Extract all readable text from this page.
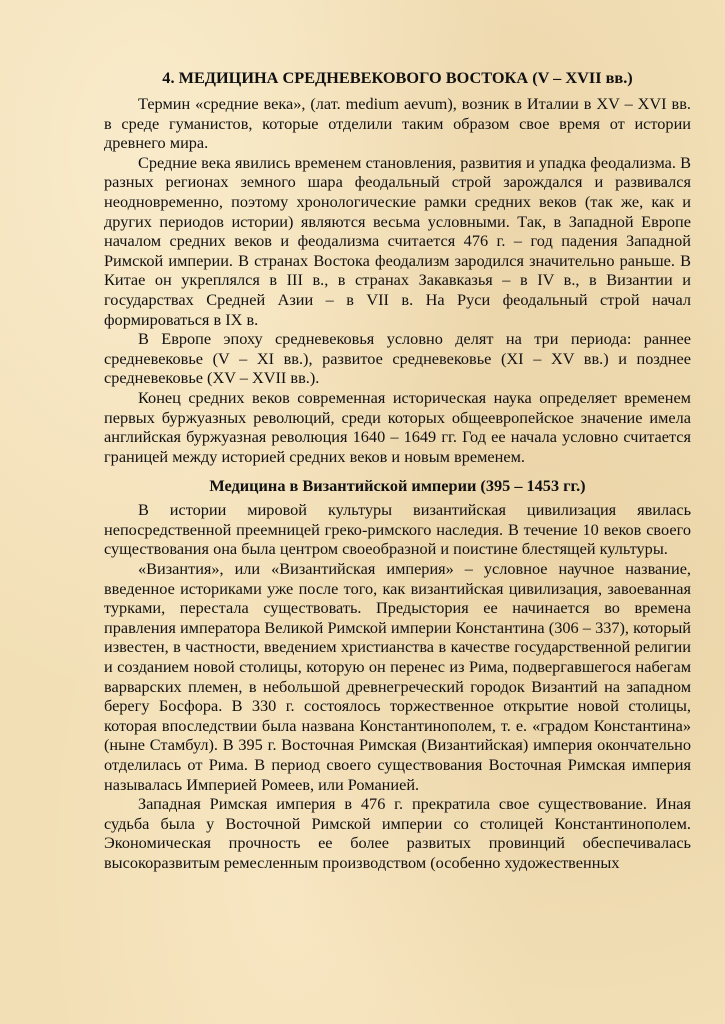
4. МЕДИЦИНА СРЕДНЕВЕКОВОГО ВОСТОКА (V – XVII вв.)

Термин «средние века», (лат. medium aevum), возник в Италии в XV – XVI вв. в среде гуманистов, которые отделили таким образом свое время от истории древнего мира.

Средние века явились временем становления, развития и упадка феодализма. В разных регионах земного шара феодальный строй зарождался и развивался неодновременно, поэтому хронологические рамки средних веков (так же, как и других периодов истории) являются весьма условными. Так, в Западной Европе началом средних веков и феодализма считается 476 г. – год падения Западной Римской империи. В странах Востока феодализм зародился значительно раньше. В Китае он укреплялся в III в., в странах Закавказья – в IV в., в Византии и государствах Средней Азии – в VII в. На Руси феодальный строй начал формироваться в IX в.

В Европе эпоху средневековья условно делят на три периода: раннее средневековье (V – XI вв.), развитое средневековье (XI – XV вв.) и позднее средневековье (XV – XVII вв.).

Конец средних веков современная историческая наука определяет временем первых буржуазных революций, среди которых общеевропейское значение имела английская буржуазная революция 1640 – 1649 гг. Год ее начала условно считается границей между историей средних веков и новым временем.

Медицина в Византийской империи (395 – 1453 гг.)

В истории мировой культуры византийская цивилизация явилась непосредственной преемницей греко-римского наследия. В течение 10 веков своего существования она была центром своеобразной и поистине блестящей культуры.

«Византия», или «Византийская империя» – условное научное название, введенное историками уже после того, как византийская цивилизация, завоеванная турками, перестала существовать. Предыстория ее начинается во времена правления императора Великой Римской империи Константина (306 – 337), который известен, в частности, введением христианства в качестве государственной религии и созданием новой столицы, которую он перенес из Рима, подвергавшегося набегам варварских племен, в небольшой древнегреческий городок Византий на западном берегу Босфора. В 330 г. состоялось торжественное открытие новой столицы, которая впоследствии была названа Константинополем, т. е. «градом Константина» (ныне Стамбул). В 395 г. Восточная Римская (Византийская) империя окончательно отделилась от Рима. В период своего существования Восточная Римская империя называлась Империей Ромеев, или Романией.

Западная Римская империя в 476 г. прекратила свое существование. Иная судьба была у Восточной Римской империи со столицей Константинополем. Экономическая прочность ее более развитых провинций обеспечивалась высокоразвитым ремесленным производством (особенно художественных
